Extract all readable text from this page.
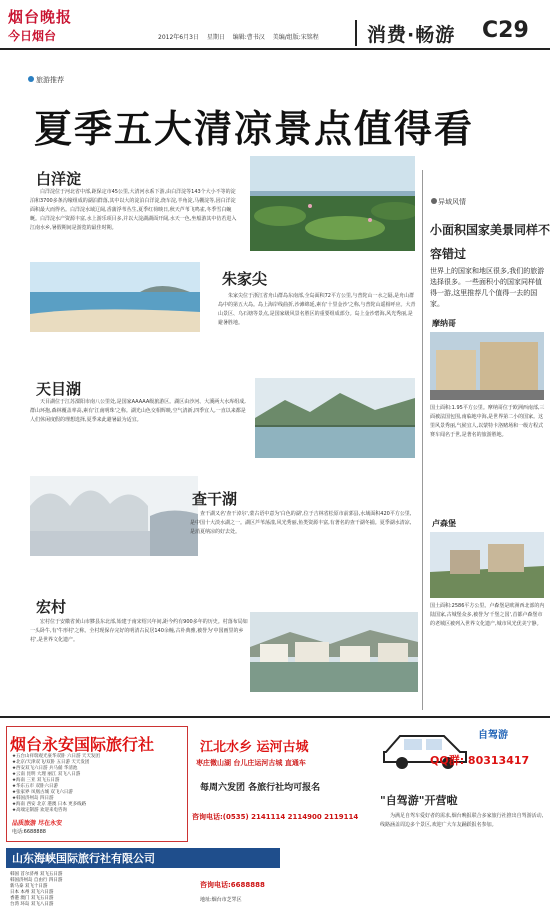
烟台晚报
今日烟台	2012年6月3日 星期日 编辑:曹书汉 美编/组版:宋铭程	消费·畅游 C29
旅游推荐
夏季五大清凉景点值得看
白洋淀
白洋淀位于河北省中部,距保定市45公里,大清河水系下游,由白洋淀等143个大小不等的淀泊和3700多条沟壕组成的湖泊群落,其中以大的淀泊白洋淀,烧车淀,羊角淀,马棚淀等,因白洋淀面积最大而得名。白洋淀水域辽阔,香蒲浮苇丛生,夏季红荷映日,秋天芦苇飞鸣雀,冬季雪白蜿蜒。白洋淀水产资源丰富,水上游乐项目多,并以大淀湖湖面开阔,水天一色,坐船游其中仿若进入江南水乡,暑假期间是游览的最佳时期。
朱家尖
朱家尖位于浙江省舟山群岛东南部,全岛面积72平方公里,与普陀山一水之隔,是舟山群岛中的第五大岛。岛上海岸线曲折,沙滩绵延,素有'十里金沙'之称,与普陀山遥相呼应。大青山景区、乌石塘等景点,是国家级风景名胜区的重要组成部分。岛上金沙碧海,风光秀丽,是避暑胜地。
天目湖
天目湖位于江苏溧阳市南八公里处,是国家AAAAA级旅游区。湖区由沙河、大溪两大水库组成,群山环抱,森林覆盖率高,素有'江南明珠'之称。湖光山色交相辉映,空气清新,四季宜人,一直以来都是人们休闲度假的理想选择,夏季来此避暑最为适宜。
查干湖
查干湖又名'查干淖尔',蒙古语中意为'白色的湖',位于吉林省松原市前郭县,水域面积420平方公里,是中国十大淡水湖之一。湖区芦苇荡漾,风光秀丽,鱼类资源丰富,有著名的查干湖冬捕。夏季湖水清凉,是消夏纳凉的好去处。
宏村
宏村位于安徽省黄山市黟县东北部,始建于南宋绍兴年间,距今约有900多年的历史。村落布局如一头卧牛,有'牛形村'之称。全村现保存完好的明清古民居140余幢,古朴典雅,被誉为'中国画里的乡村',是世界文化遗产。
异域风情
小面积国家美景同样不容错过
世界上的国家和地区很多,我们的旅游选择很多。一些面积小的国家同样值得一游,这里推荐几个值得一去的国家。
摩纳哥
国土面积:1.95平方公里。摩纳哥位于欧洲西南部,三面被法国包围,南临地中海,是世界第二小的国家。这里风景秀丽,气候宜人,以蒙特卡洛赌场和一级方程式赛车闻名于世,是著名的旅游胜地。
卢森堡
国土面积:2586平方公里。卢森堡是欧洲西北部的内陆国家,古城堡众多,被誉为'千堡之国',首都卢森堡市的老城区被列入世界文化遗产,城市风光优美宁静。
烟台永安国际旅行社
★五台山祥瑞观光豪华双卧 六日游 天天发团
★北京/天津双飞/双卧 五日游 天天发团
★西安双飞六日游 兵马俑 华清池
★云南 昆明 大理 丽江 双飞八日游
★海南 三亚 双飞五日游
★华东五市 双卧六日游
★张家界 凤凰古城 双飞六日游
★韩国济州岛 四日游
★海南 西安 北京 港澳 日本 更多线路
★高端定制游 欢迎来电咨询
品质旅游 尽在永安
电话:6688888
江北水乡 运河古城
枣庄微山湖 台儿庄运河古城 直通车
每周六发团 各旅行社均可报名
咨询电话:(0535) 2141114 2114900 2119114
自驾游
QQ群: 80313417
"自驾游"开营啦
为满足自驾车爱好者的需求,烟台晚报联合多家旅行社推出自驾游活动,线路涵盖周边多个景区,欢迎广大车友踊跃报名参加。
山东海峡国际旅行社有限公司
韩国 首尔济州 双飞五日游
韩国济州岛 自由行 四日游
新马泰 双飞十日游
日本 本州 双飞六日游
香港 澳门 双飞五日游
台湾 环岛 双飞八日游
咨询电话:6688888
地址:烟台市芝罘区
